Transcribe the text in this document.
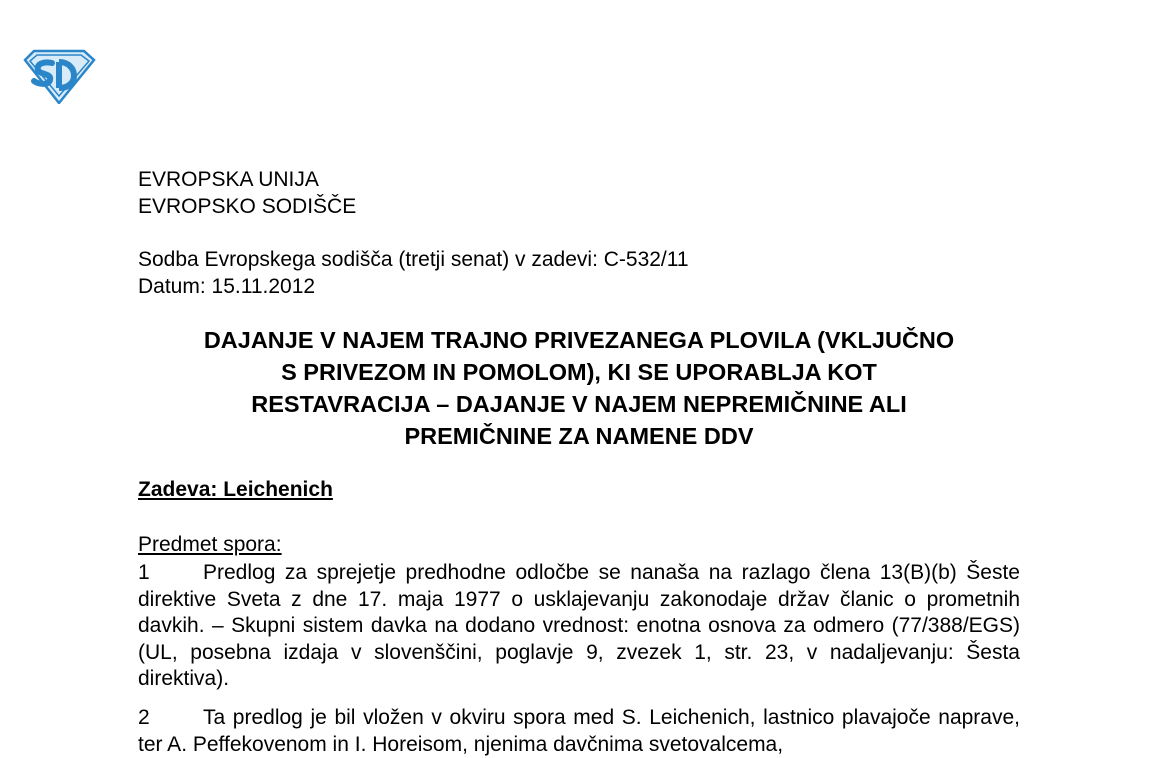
EVROPSKA UNIJA
EVROPSKO SODIŠČE
Sodba Evropskega sodišča (tretji senat) v zadevi: C-532/11
Datum: 15.11.2012
DAJANJE V NAJEM TRAJNO PRIVEZANEGA PLOVILA (VKLJUČNO
S PRIVEZOM IN POMOLOM), KI SE UPORABLJA KOT
RESTAVRACIJA – DAJANJE V NAJEM NEPREMIČNINE ALI
PREMIČNINE ZA NAMENE DDV
Zadeva: Leichenich
Predmet spora:
1	Predlog za sprejetje predhodne odločbe se nanaša na razlago člena 13(B)(b) Šeste direktive Sveta z dne 17. maja 1977 o usklajevanju zakonodaje držav članic o prometnih davkih. – Skupni sistem davka na dodano vrednost: enotna osnova za odmero (77/388/EGS) (UL, posebna izdaja v slovenščini, poglavje 9, zvezek 1, str. 23, v nadaljevanju: Šesta direktiva).
2	Ta predlog je bil vložen v okviru spora med S. Leichenich, lastnico plavajoče naprave, ter A. Peffekovenom in I. Horeisom, njenima davčnima svetovalcema,
